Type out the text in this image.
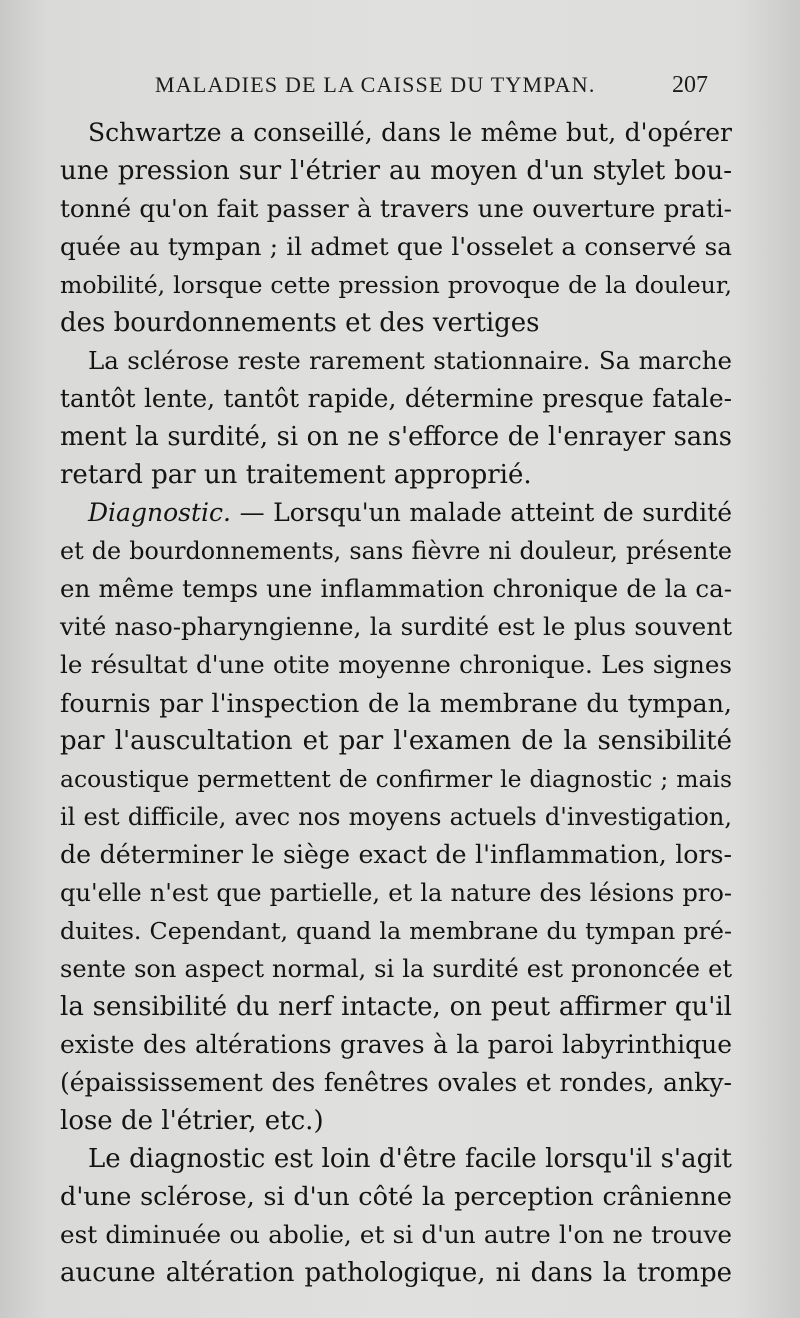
MALADIES DE LA CAISSE DU TYMPAN.	207
Schwartze a conseillé, dans le même but, d'opérer
une pression sur l'étrier au moyen d'un stylet bou-
tonné qu'on fait passer à travers une ouverture prati-
quée au tympan ; il admet que l'osselet a conservé sa
mobilité, lorsque cette pression provoque de la douleur,
des bourdonnements et des vertiges
La sclérose reste rarement stationnaire. Sa marche
tantôt lente, tantôt rapide, détermine presque fatale-
ment la surdité, si on ne s'efforce de l'enrayer sans
retard par un traitement approprié.
Diagnostic. — Lorsqu'un malade atteint de surdité
et de bourdonnements, sans fièvre ni douleur, présente
en même temps une inflammation chronique de la ca-
vité naso-pharyngienne, la surdité est le plus souvent
le résultat d'une otite moyenne chronique. Les signes
fournis par l'inspection de la membrane du tympan,
par l'auscultation et par l'examen de la sensibilité
acoustique permettent de confirmer le diagnostic ; mais
il est difficile, avec nos moyens actuels d'investigation,
de déterminer le siège exact de l'inflammation, lors-
qu'elle n'est que partielle, et la nature des lésions pro-
duites. Cependant, quand la membrane du tympan pré-
sente son aspect normal, si la surdité est prononcée et
la sensibilité du nerf intacte, on peut affirmer qu'il
existe des altérations graves à la paroi labyrinthique
(épaississement des fenêtres ovales et rondes, anky-
lose de l'étrier, etc.)
Le diagnostic est loin d'être facile lorsqu'il s'agit
d'une sclérose, si d'un côté la perception crânienne
est diminuée ou abolie, et si d'un autre l'on ne trouve
aucune altération pathologique, ni dans la trompe
